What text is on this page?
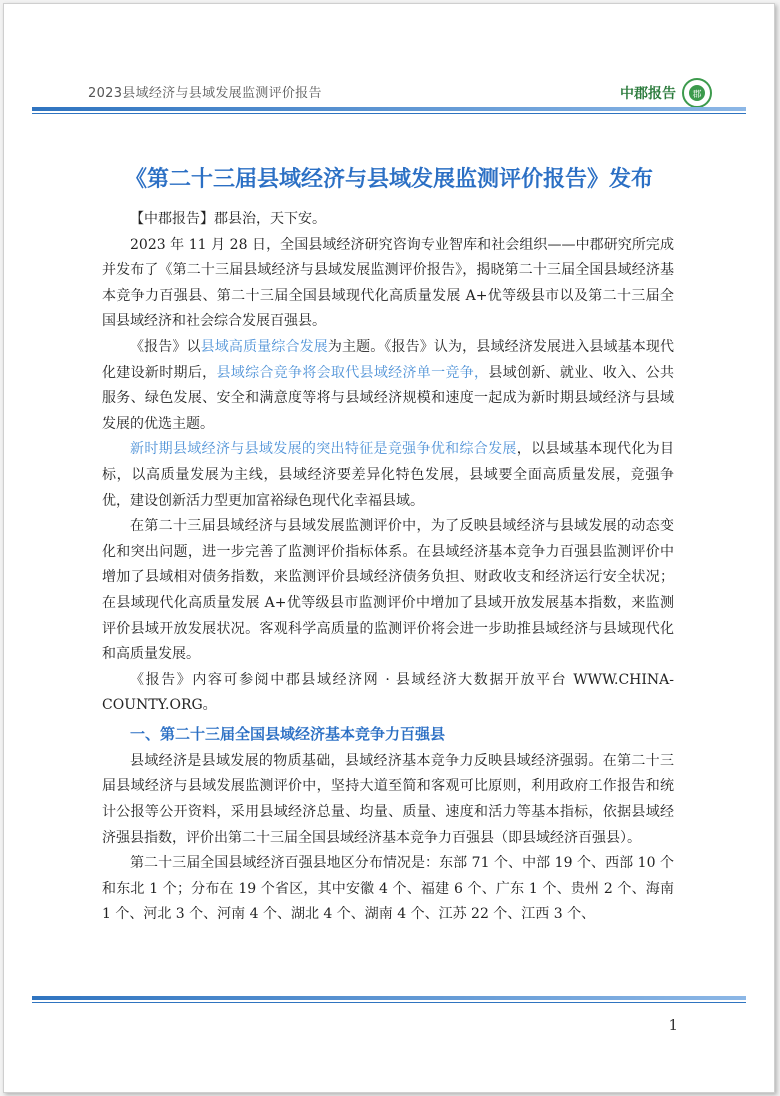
2023县域经济与县域发展监测评价报告	中郡报告	郡
《第二十三届县域经济与县域发展监测评价报告》发布

【中郡报告】郡县治，天下安。

2023 年 11 月 28 日，全国县域经济研究咨询专业智库和社会组织——中郡研究所完成并发布了《第二十三届县域经济与县域发展监测评价报告》，揭晓第二十三届全国县域经济基本竞争力百强县、第二十三届全国县域现代化高质量发展 A+优等级县市以及第二十三届全国县域经济和社会综合发展百强县。

《报告》以县域高质量综合发展为主题。《报告》认为，县域经济发展进入县域基本现代化建设新时期后，县域综合竞争将会取代县域经济单一竞争，县域创新、就业、收入、公共服务、绿色发展、安全和满意度等将与县域经济规模和速度一起成为新时期县域经济与县域发展的优选主题。

新时期县域经济与县域发展的突出特征是竞强争优和综合发展，以县域基本现代化为目标，以高质量发展为主线，县域经济要差异化特色发展，县域要全面高质量发展，竞强争优，建设创新活力型更加富裕绿色现代化幸福县域。

在第二十三届县域经济与县域发展监测评价中，为了反映县域经济与县域发展的动态变化和突出问题，进一步完善了监测评价指标体系。在县域经济基本竞争力百强县监测评价中增加了县域相对债务指数，来监测评价县域经济债务负担、财政收支和经济运行安全状况；在县域现代化高质量发展 A+优等级县市监测评价中增加了县域开放发展基本指数，来监测评价县域开放发展状况。客观科学高质量的监测评价将会进一步助推县域经济与县域现代化和高质量发展。

《报告》内容可参阅中郡县域经济网 · 县域经济大数据开放平台 WWW.CHINA-COUNTY.ORG。

一、第二十三届全国县域经济基本竞争力百强县

县域经济是县域发展的物质基础，县域经济基本竞争力反映县域经济强弱。在第二十三届县域经济与县域发展监测评价中，坚持大道至简和客观可比原则，利用政府工作报告和统计公报等公开资料，采用县域经济总量、均量、质量、速度和活力等基本指标，依据县域经济强县指数，评价出第二十三届全国县域经济基本竞争力百强县（即县域经济百强县）。

第二十三届全国县域经济百强县地区分布情况是：东部 71 个、中部 19 个、西部 10 个和东北 1 个；分布在 19 个省区，其中安徽 4 个、福建 6 个、广东 1 个、贵州 2 个、海南 1 个、河北 3 个、河南 4 个、湖北 4 个、湖南 4 个、江苏 22 个、江西 3 个、

1
